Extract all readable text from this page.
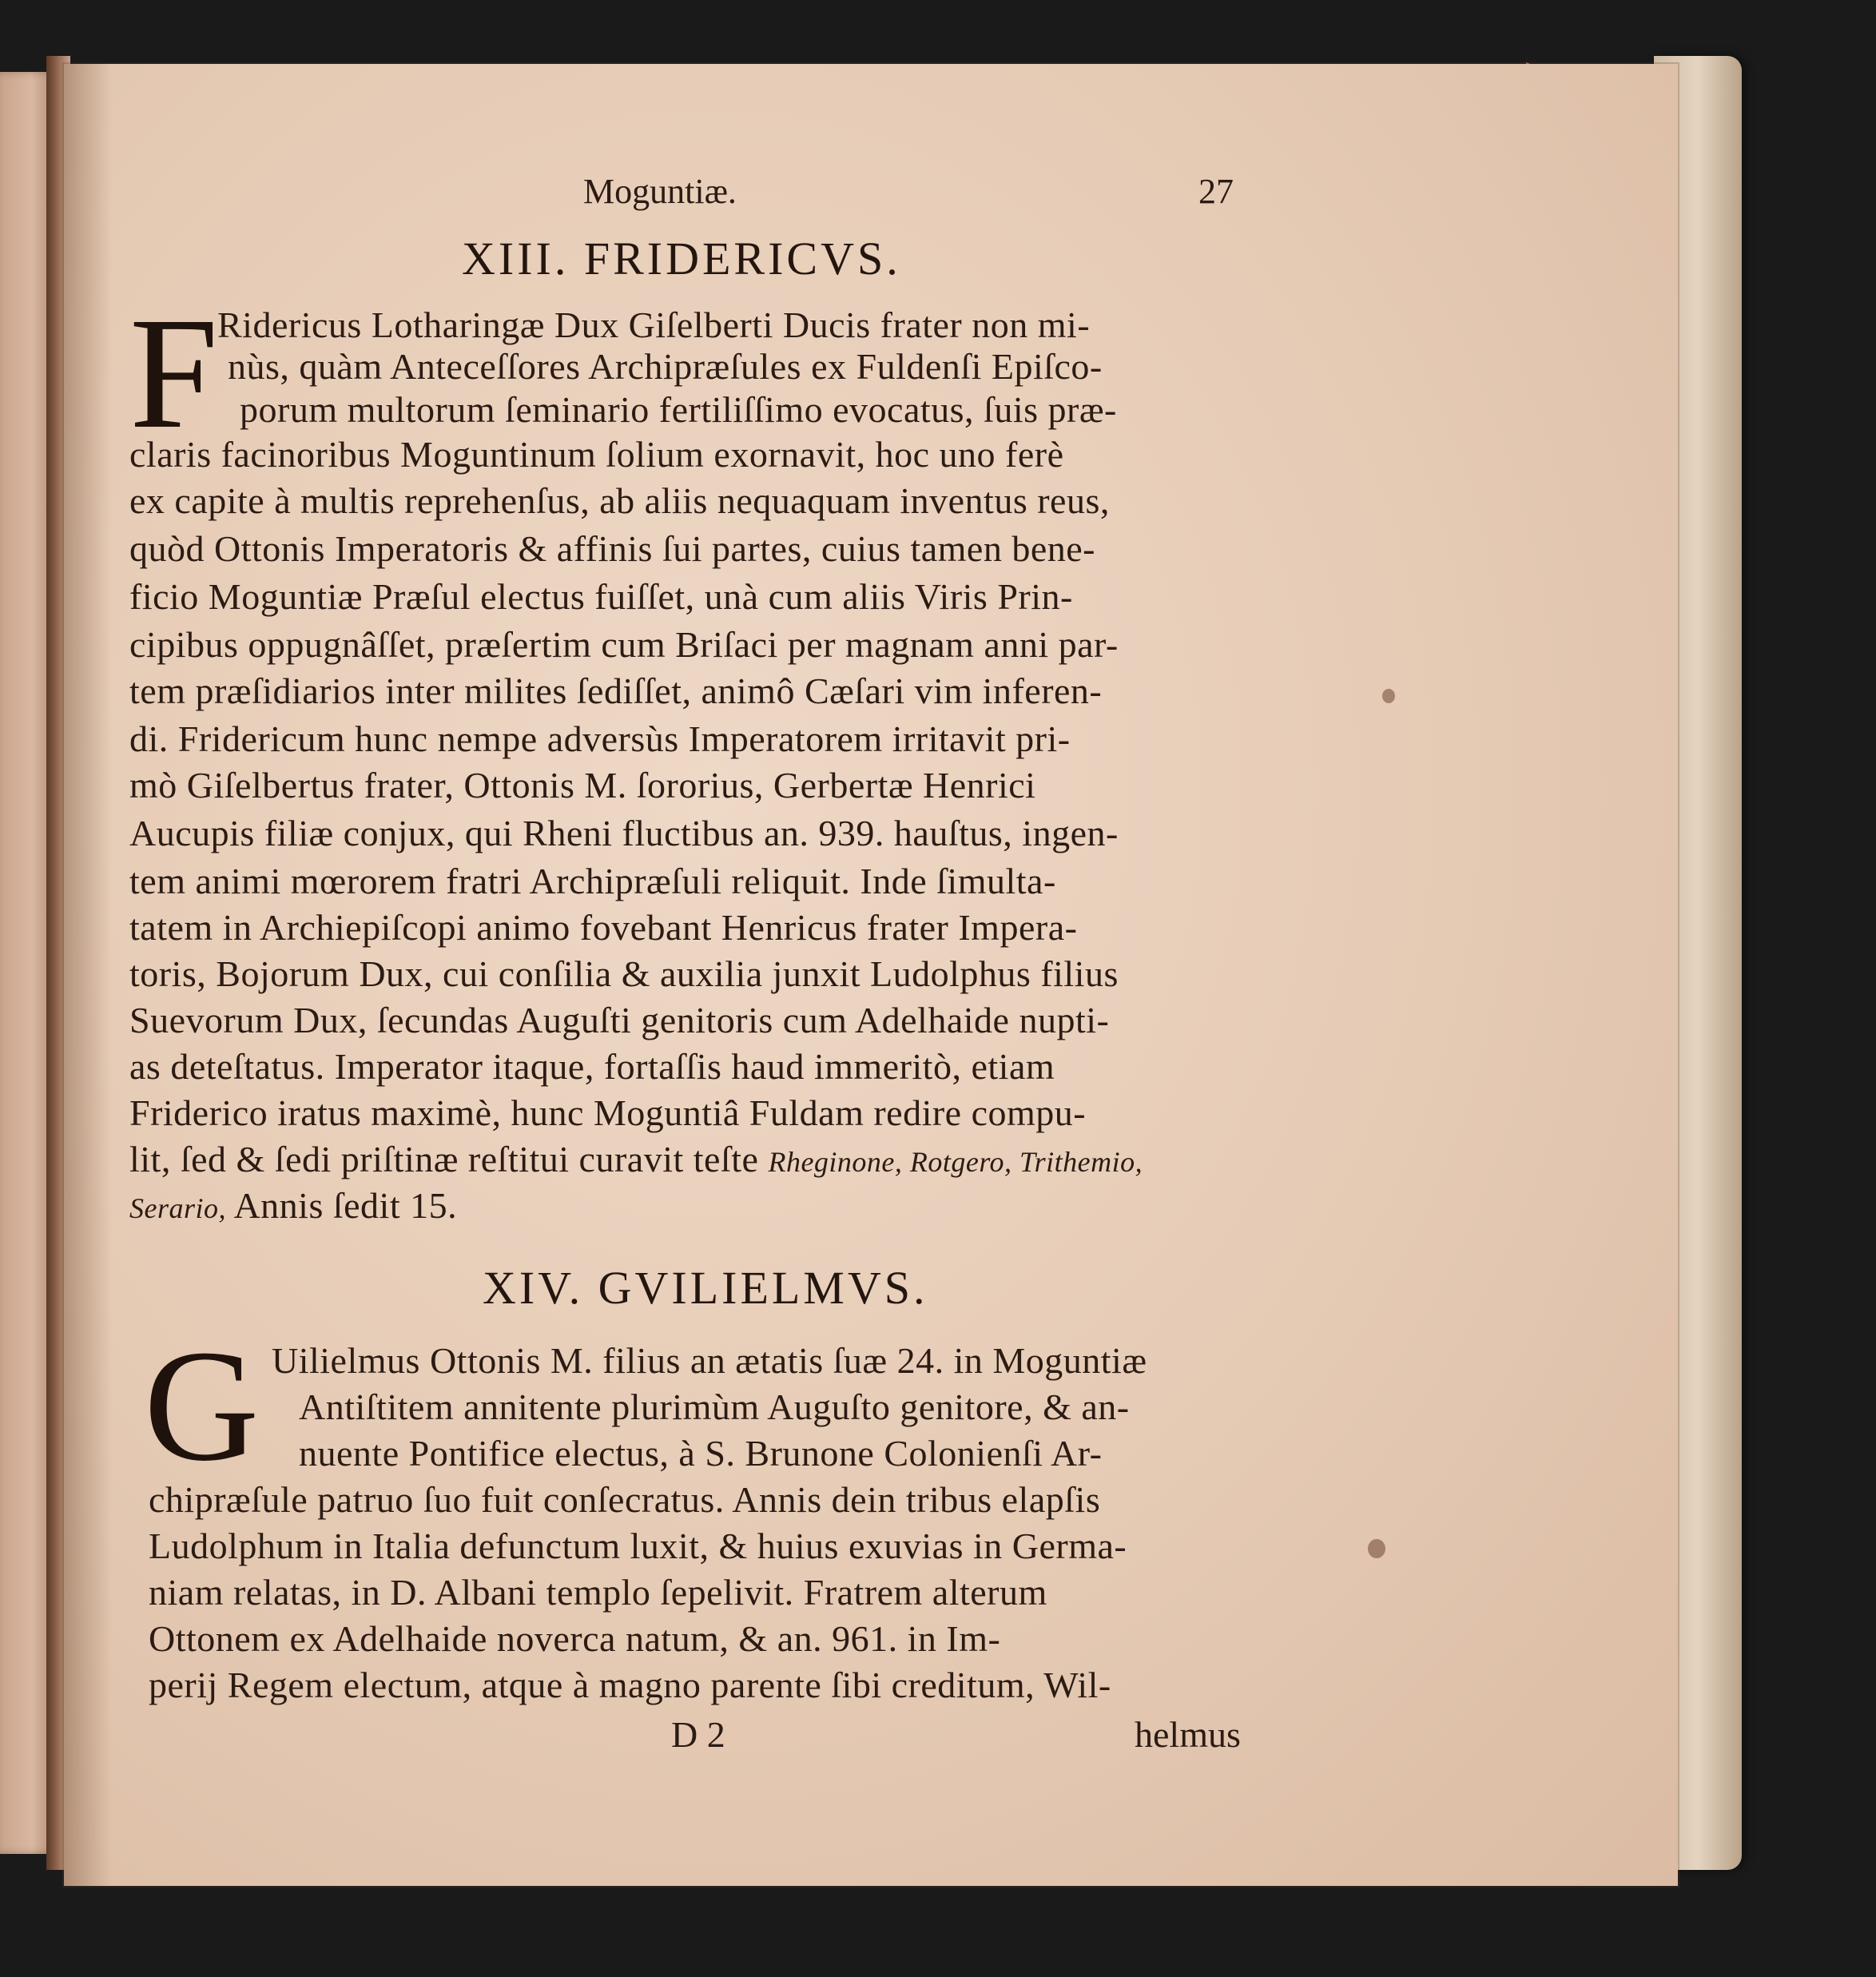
Moguntiæ.	27
XIII. FRIDERICVS.
F
Ridericus Lotharingæ Dux Giſelberti Ducis frater non mi-
nùs, quàm Anteceſſores Archipræſules ex Fuldenſi Epiſco-
porum multorum ſeminario fertiliſſimo evocatus, ſuis præ-
claris facinoribus Moguntinum ſolium exornavit, hoc uno ferè
ex capite à multis reprehenſus, ab aliis nequaquam inventus reus,
quòd Ottonis Imperatoris & affinis ſui partes, cuius tamen bene-
ficio Moguntiæ Præſul electus fuiſſet, unà cum aliis Viris Prin-
cipibus oppugnâſſet, præſertim cum Briſaci per magnam anni par-
tem præſidiarios inter milites ſediſſet, animô Cæſari vim inferen-
di. Fridericum hunc nempe adversùs Imperatorem irritavit pri-
mò Giſelbertus frater, Ottonis M. ſororius, Gerbertæ Henrici
Aucupis filiæ conjux, qui Rheni fluctibus an. 939. hauſtus, ingen-
tem animi mœrorem fratri Archipræſuli reliquit. Inde ſimulta-
tatem in Archiepiſcopi animo fovebant Henricus frater Impera-
toris, Bojorum Dux, cui conſilia & auxilia junxit Ludolphus filius
Suevorum Dux, ſecundas Auguſti genitoris cum Adelhaide nupti-
as deteſtatus. Imperator itaque, fortaſſis haud immeritò, etiam
Friderico iratus maximè, hunc Moguntiâ Fuldam redire compu-
lit, ſed & ſedi priſtinæ reſtitui curavit teſte Rheginone, Rotgero, Trithemio,
Serario, Annis ſedit 15.
XIV. GVILIELMVS.
G Uilielmus Ottonis M. filius an ætatis ſuæ 24. in Moguntiæ
Antiſtitem annitente plurimùm Auguſto genitore, & an-
nuente Pontifice electus, à S. Brunone Colonienſi Ar-
chipræſule patruo ſuo fuit conſecratus. Annis dein tribus elapſis
Ludolphum in Italia defunctum luxit, & huius exuvias in Germa-
niam relatas, in D. Albani templo ſepelivit. Fratrem alterum
Ottonem ex Adelhaide noverca natum, & an. 961. in Im-
perij Regem electum, atque à magno parente ſibi creditum, Wil-
D 2	helmus
